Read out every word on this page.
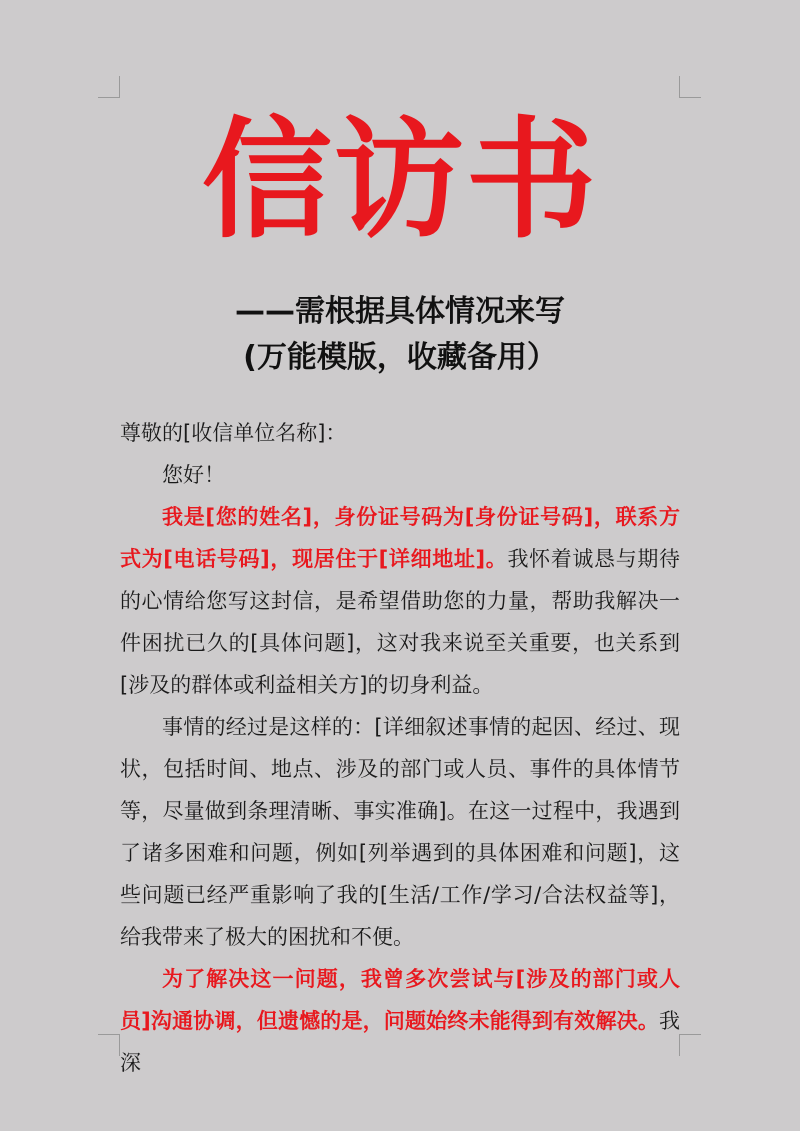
信访书
——需根据具体情况来写
(万能模版，收藏备用）

尊敬的[收信单位名称]：

您好！

我是[您的姓名]，身份证号码为[身份证号码]，联系方式为[电话号码]，现居住于[详细地址]。我怀着诚恳与期待的心情给您写这封信，是希望借助您的力量，帮助我解决一件困扰已久的[具体问题]，这对我来说至关重要，也关系到[涉及的群体或利益相关方]的切身利益。

事情的经过是这样的：[详细叙述事情的起因、经过、现状，包括时间、地点、涉及的部门或人员、事件的具体情节等，尽量做到条理清晰、事实准确]。在这一过程中，我遇到了诸多困难和问题，例如[列举遇到的具体困难和问题]，这些问题已经严重影响了我的[生活/工作/学习/合法权益等]，给我带来了极大的困扰和不便。

为了解决这一问题，我曾多次尝试与[涉及的部门或人员]沟通协调，但遗憾的是，问题始终未能得到有效解决。我深
